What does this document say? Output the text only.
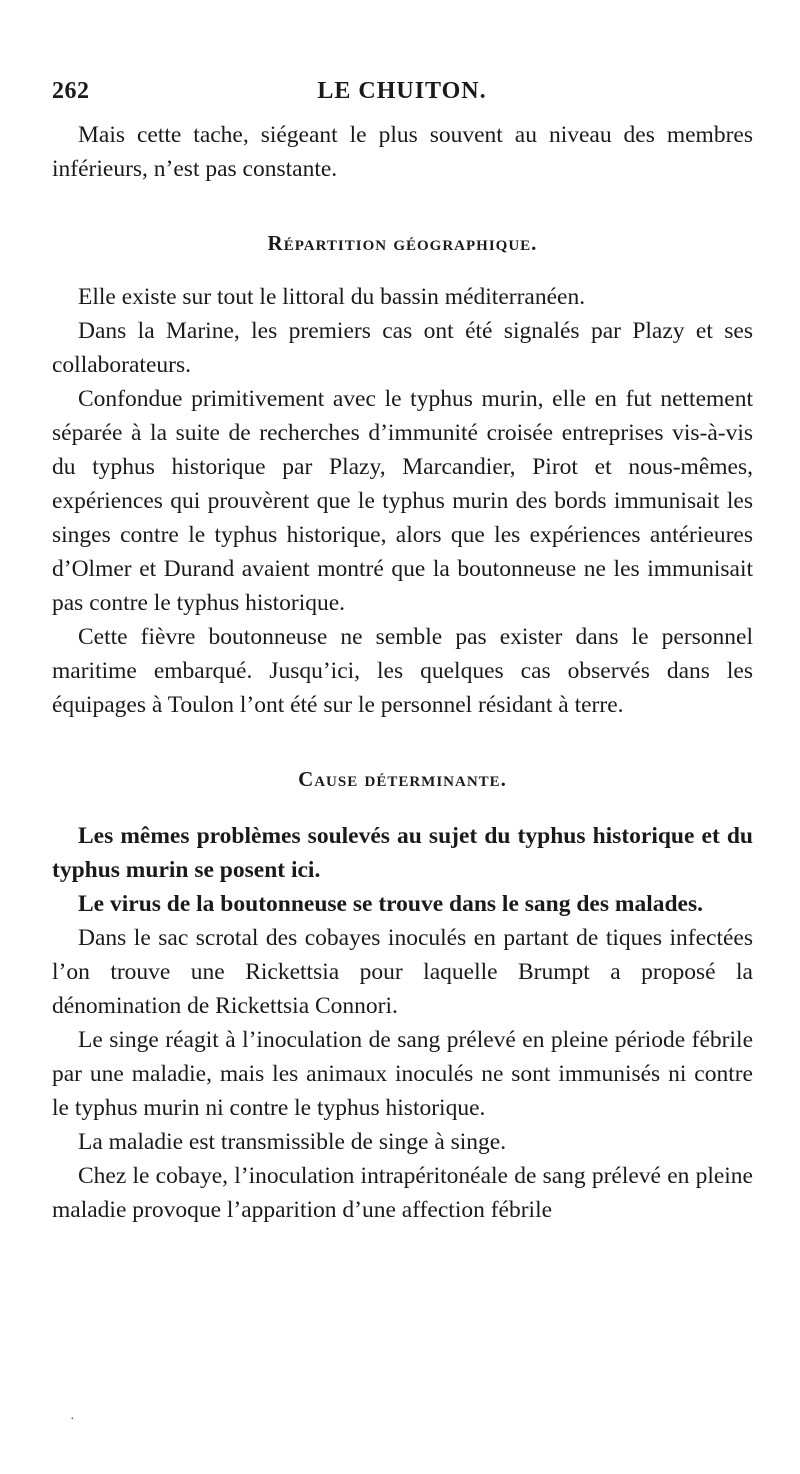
262	LE CHUITON.

Mais cette tache, siégeant le plus souvent au niveau des membres inférieurs, n’est pas constante.

Répartition géographique.

Elle existe sur tout le littoral du bassin méditerranéen.

Dans la Marine, les premiers cas ont été signalés par Plazy et ses collaborateurs.

Confondue primitivement avec le typhus murin, elle en fut nettement séparée à la suite de recherches d’immunité croisée entreprises vis-à-vis du typhus historique par Plazy, Marcandier, Pirot et nous-mêmes, expériences qui prouvèrent que le typhus murin des bords immunisait les singes contre le typhus historique, alors que les expériences antérieures d’Olmer et Durand avaient montré que la boutonneuse ne les immunisait pas contre le typhus historique.

Cette fièvre boutonneuse ne semble pas exister dans le personnel maritime embarqué. Jusqu’ici, les quelques cas observés dans les équipages à Toulon l’ont été sur le personnel résidant à terre.

Cause déterminante.

Les mêmes problèmes soulevés au sujet du typhus historique et du typhus murin se posent ici.

Le virus de la boutonneuse se trouve dans le sang des malades.

Dans le sac scrotal des cobayes inoculés en partant de tiques infectées l’on trouve une Rickettsia pour laquelle Brumpt a proposé la dénomination de Rickettsia Connori.

Le singe réagit à l’inoculation de sang prélevé en pleine période fébrile par une maladie, mais les animaux inoculés ne sont immunisés ni contre le typhus murin ni contre le typhus historique.

La maladie est transmissible de singe à singe.

Chez le cobaye, l’inoculation intrapéritonéale de sang prélevé en pleine maladie provoque l’apparition d’une affection fébrile

·
